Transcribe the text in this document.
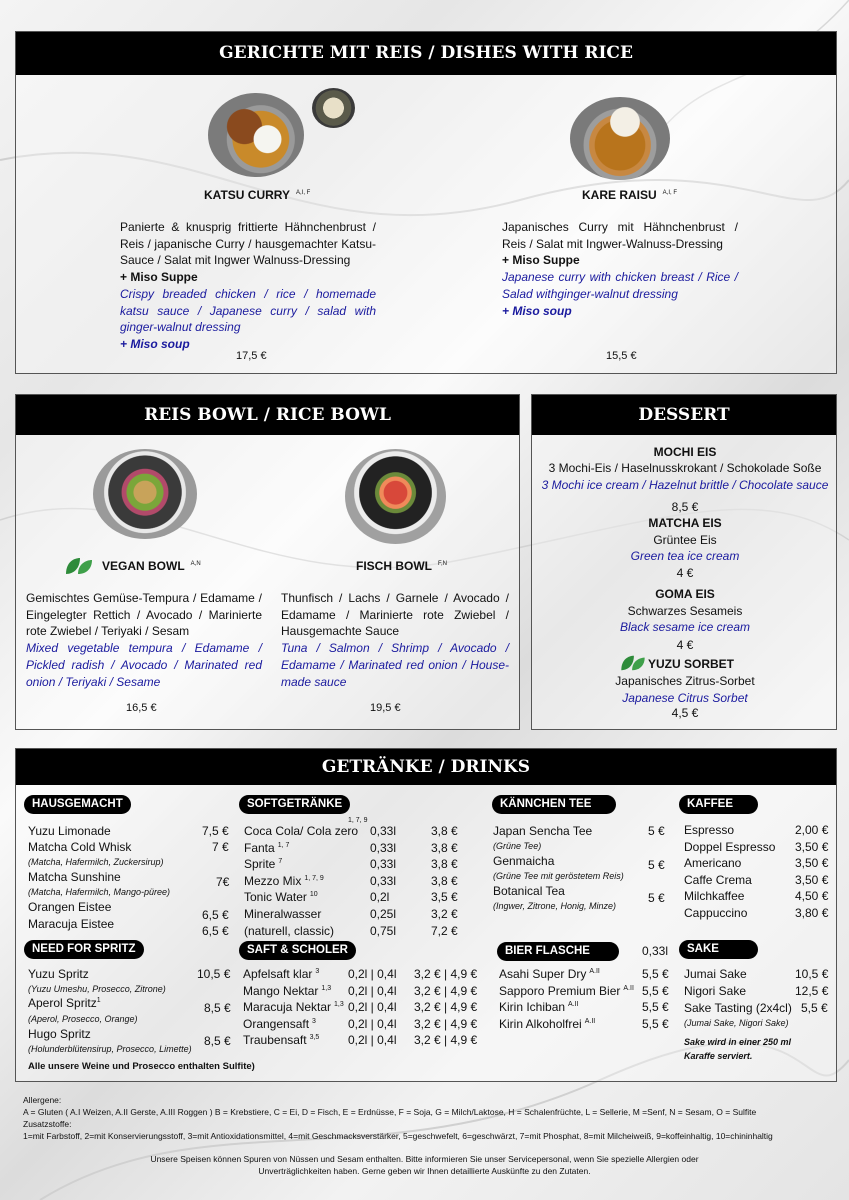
GERICHTE MIT REIS / DISHES WITH RICE
KATSU CURRY $^{A,I, F}$
Panierte & knusprig frittierte Hähnchenbrust / Reis / japanische Curry / hausgemachter Katsu-Sauce / Salat mit Ingwer Walnuss-Dressing
+ Miso Suppe
Crispy breaded chicken / rice / homemade katsu sauce / Japanese curry / salad with ginger-walnut dressing
+ Miso soup
17,5 €
KARE RAISU $^{A,I, F}$
Japanisches Curry mit Hähnchenbrust / Reis / Salat mit Ingwer-Walnuss-Dressing
+ Miso Suppe
Japanese curry with chicken breast / Rice / Salad withginger-walnut dressing
+ Miso soup
15,5 €
REIS BOWL / RICE BOWL
VEGAN BOWL $^{A,N}$
Gemischtes Gemüse-Tempura / Edamame / Eingelegter Rettich / Avocado / Marinierte rote Zwiebel / Teriyaki / Sesam
Mixed vegetable tempura / Edamame / Pickled radish / Avocado / Marinated red onion / Teriyaki / Sesame
16,5 €
FISCH BOWL $^{F,N}$
Thunfisch / Lachs / Garnele / Avocado / Edamame / Marinierte rote Zwiebel / Hausgemachte Sauce
Tuna / Salmon / Shrimp / Avocado / Edamame / Marinated red onion / House-made sauce
19,5 €
DESSERT
MOCHI EIS
3 Mochi-Eis / Haselnusskrokant / Schokolade Soße
3 Mochi ice cream / Hazelnut brittle / Chocolate sauce
8,5 €
MATCHA EIS
Grüntee Eis
Green tea ice cream
4 €
GOMA EIS
Schwarzes Sesameis
Black sesame ice cream
4 €
YUZU SORBET
Japanisches Zitrus-Sorbet
Japanese Citrus Sorbet
4,5 €
GETRÄNKE / DRINKS
HAUSGEMACHT
Yuzu Limonade	7,5 €
Matcha Cold Whisk	7 €
(Matcha, Hafermilch, Zuckersirup)
Matcha Sunshine	7€
(Matcha, Hafermilch, Mango-püree)
Orangen Eistee
6,5 €
Maracuja Eistee	6,5 €
NEED FOR SPRITZ
Yuzu Spritz	10,5 €
(Yuzu Umeshu, Prosecco, Zitrone)
Aperol Spritz$^1$
8,5 €
(Aperol, Prosecco, Orange)
Hugo Spritz	8,5 €
(Holunderblütensirup, Prosecco, Limette)
Alle unsere Weine und Prosecco enthalten Sulfite)
SOFTGETRÄNKE
1, 7, 9
Coca Cola/ Cola zero 0,33l	3,8 €
Fanta $^{1, 7}$	0,33l	3,8 €
Sprite $^7$	0,33l	3,8 €
Mezzo Mix $^{1, 7, 9}$	0,33l	3,8 €
Tonic Water $^{10}$	0,2l	3,5 €
Mineralwasser	0,25l	3,2 €
(naturell, classic)	0,75l	7,2 €
SAFT & SCHOLER
Apfelsaft klar $^3$ 0,2l | 0,4l 3,2 € | 4,9 €
Mango Nektar $^{1,3}$ 0,2l | 0,4l 3,2 € | 4,9 €
Maracuja Nektar $^{1,3}$ 0,2l | 0,4l 3,2 € | 4,9 €
Orangensaft $^3$	0,2l | 0,4l 3,2 € | 4,9 €
Traubensaft $^{3,5}$ 0,2l | 0,4l 3,2 € | 4,9 €
KÄNNCHEN TEE
Japan Sencha Tee	5 €
(Grüne Tee)
Genmaicha	5 €
(Grüne Tee mit geröstetem Reis)
Botanical Tea	5 €
(Ingwer, Zitrone, Honig, Minze)
BIER FLASCHE	0,33l
Asahi Super Dry $^{A.II}$	5,5 €
Sapporo Premium Bier $^{A.II}$ 5,5 €
Kirin Ichiban $^{A.II}$	5,5 €
Kirin Alkoholfrei $^{A.II}$	5,5 €
KAFFEE
Espresso	2,00 €
Doppel Espresso 3,50 €
Americano	3,50 €
Caffe Crema	3,50 €
Milchkaffee	4,50 €
Cappuccino	3,80 €
SAKE
Jumai Sake	10,5 €
Nigori Sake	12,5 €
Sake Tasting (2x4cl) 5,5 €
(Jumai Sake, Nigori Sake)
Sake wird in einer 250 ml
Karaffe serviert.
Allergene:
A = Gluten ( A.I Weizen, A.II Gerste, A.III Roggen ) B = Krebstiere, C = Ei, D = Fisch, E = Erdnüsse, F = Soja, G = Milch/Laktose, H = Schalenfrüchte, L = Sellerie, M =Senf, N = Sesam, O = Sulfite
Zusatzstoffe:
1=mit Farbstoff, 2=mit Konservierungsstoff, 3=mit Antioxidationsmittel, 4=mit Geschmacksverstärker, 5=geschwefelt, 6=geschwärzt, 7=mit Phosphat, 8=mit Milcheiweiß, 9=koffeinhaltig, 10=chininhaltig
Unsere Speisen können Spuren von Nüssen und Sesam enthalten. Bitte informieren Sie unser Servicepersonal, wenn Sie spezielle Allergien oder
Unverträglichkeiten haben. Gerne geben wir Ihnen detaillierte Auskünfte zu den Zutaten.
